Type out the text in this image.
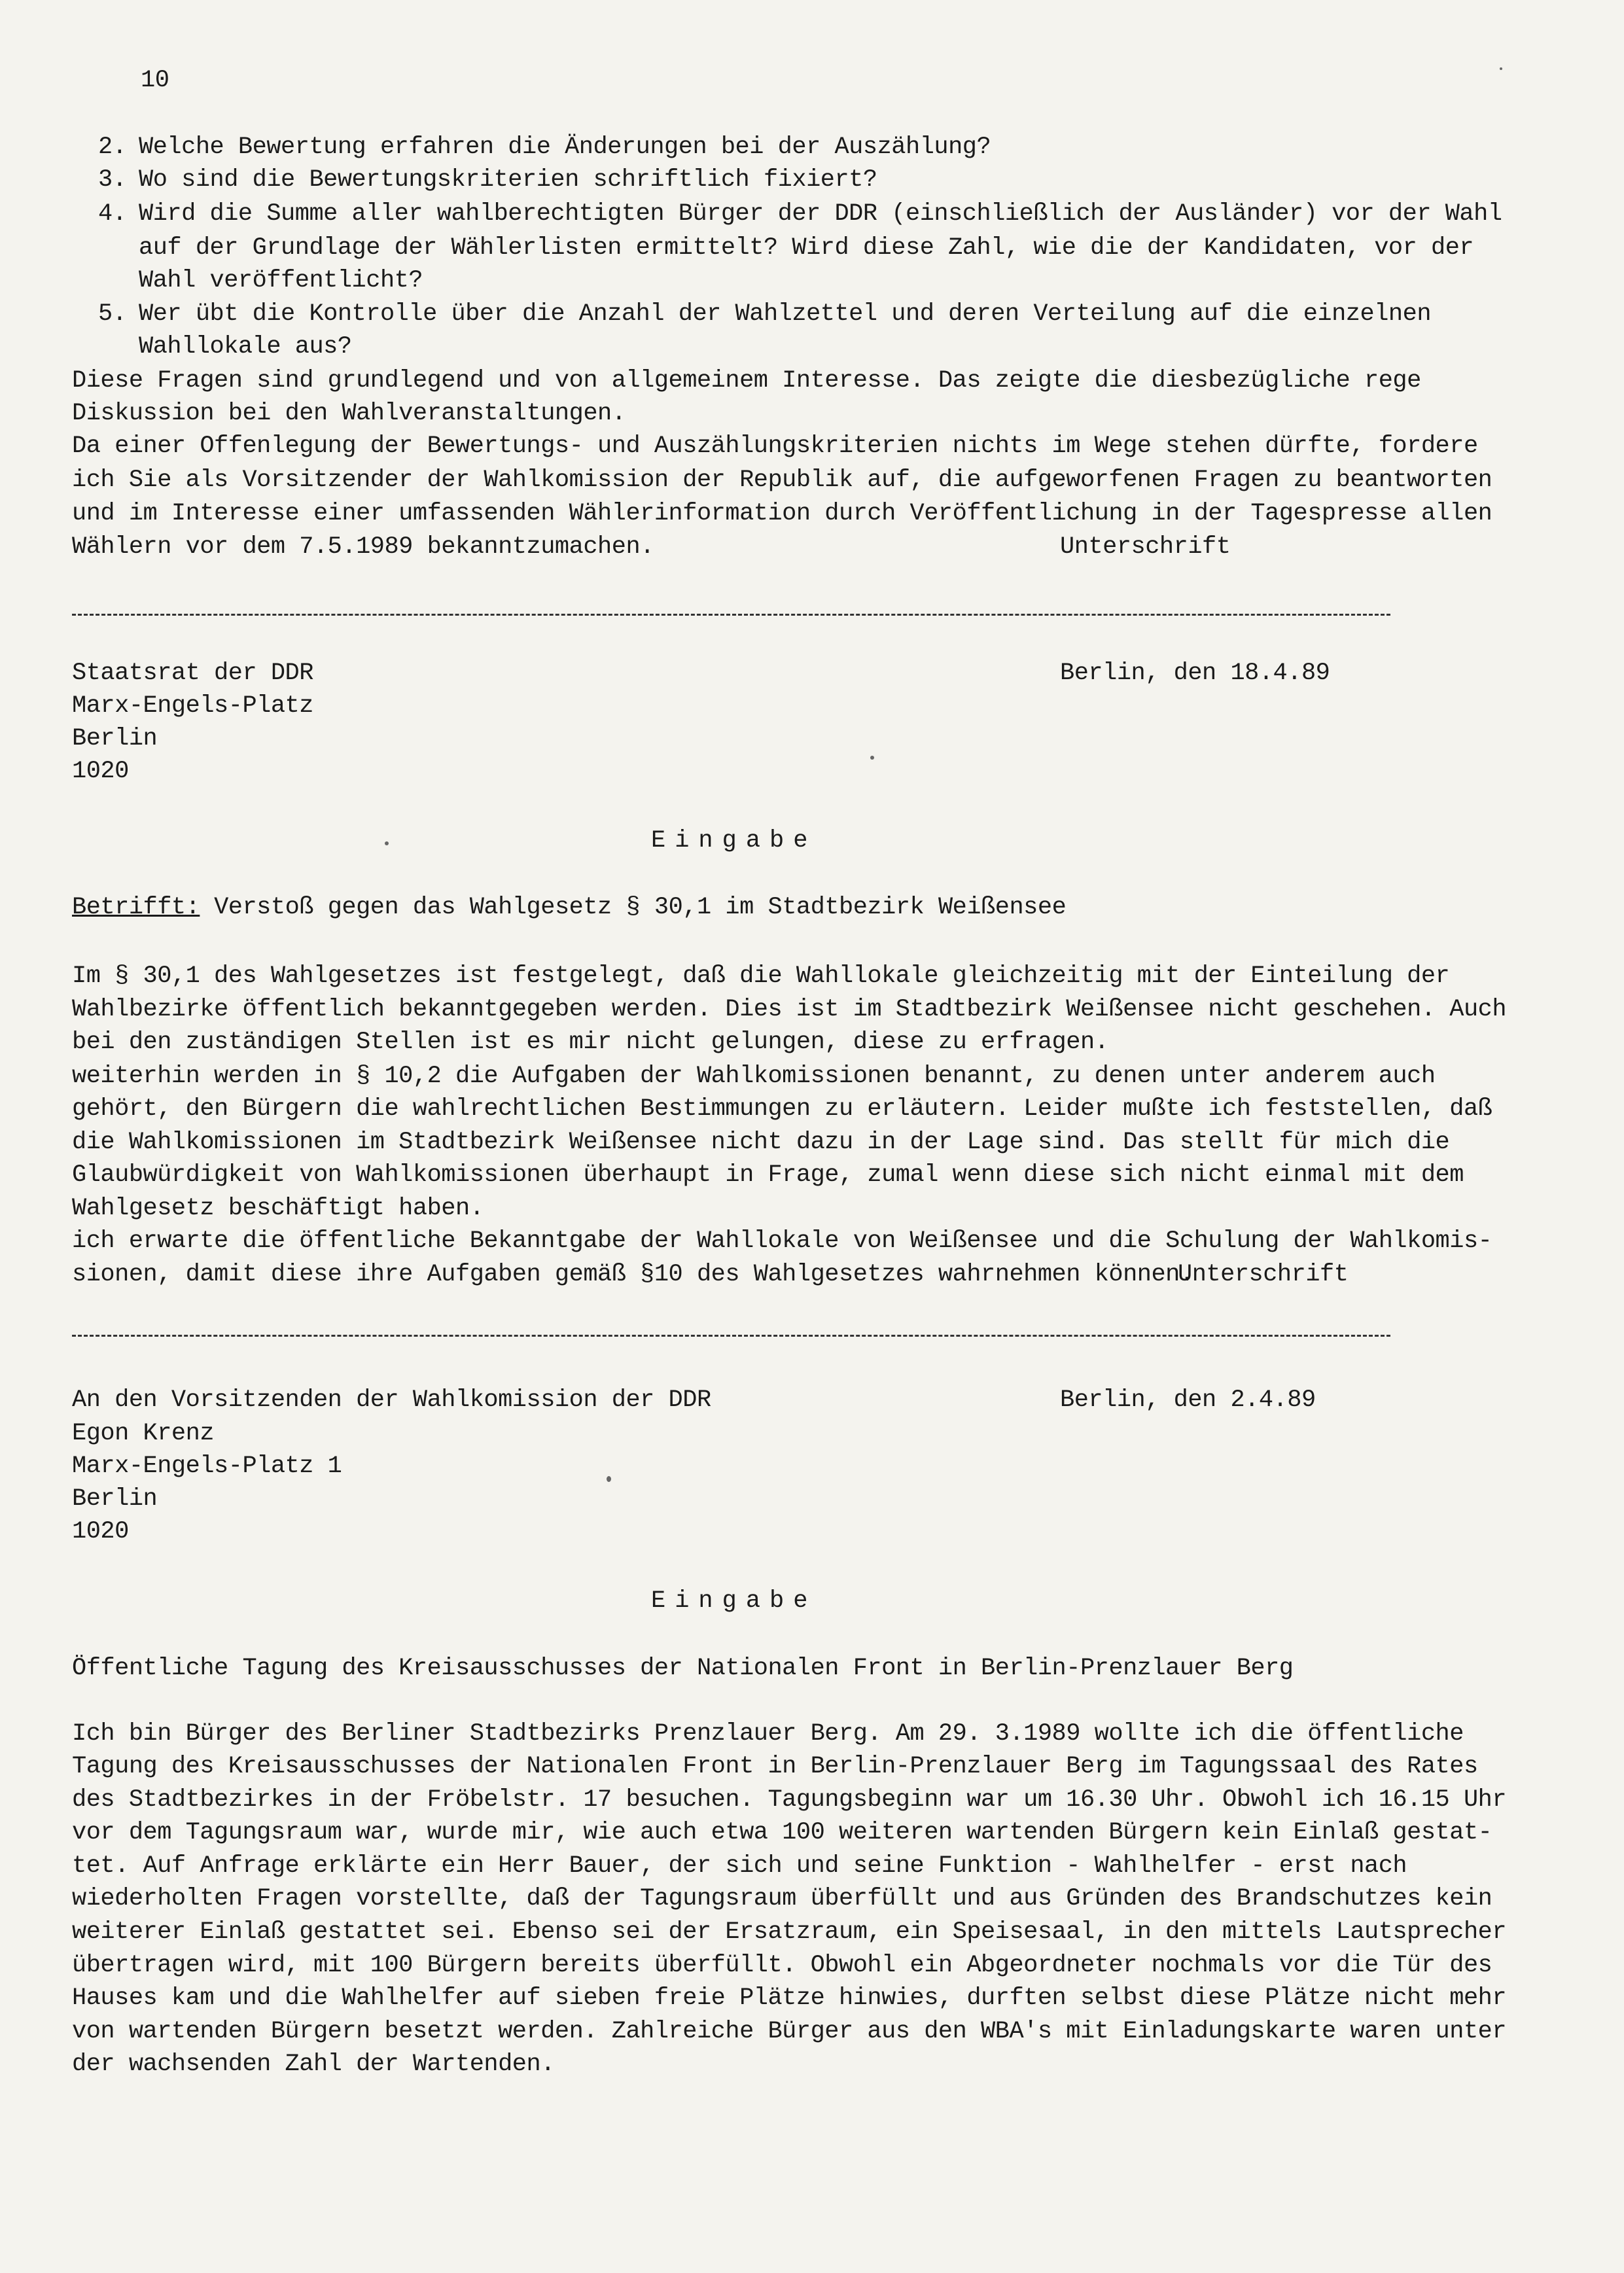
10
2. Welche Bewertung erfahren die Änderungen bei der Auszählung?
3. Wo sind die Bewertungskriterien schriftlich fixiert?
4. Wird die Summe aller wahlberechtigten Bürger der DDR (einschließlich der Ausländer) vor der Wahl
auf der Grundlage der Wählerlisten ermittelt? Wird diese Zahl, wie die der Kandidaten, vor der
Wahl veröffentlicht?
5. Wer übt die Kontrolle über die Anzahl der Wahlzettel und deren Verteilung auf die einzelnen
Wahllokale aus?
Diese Fragen sind grundlegend und von allgemeinem Interesse. Das zeigte die diesbezügliche rege
Diskussion bei den Wahlveranstaltungen.
Da einer Offenlegung der Bewertungs- und Auszählungskriterien nichts im Wege stehen dürfte, fordere
ich Sie als Vorsitzender der Wahlkomission der Republik auf, die aufgeworfenen Fragen zu beantworten
und im Interesse einer umfassenden Wählerinformation durch Veröffentlichung in der Tagespresse allen
Wählern vor dem 7.5.1989 bekanntzumachen.	Unterschrift
Staatsrat der DDR
Marx-Engels-Platz
Berlin
1020
Berlin, den 18.4.89
Eingabe
Betrifft: Verstoß gegen das Wahlgesetz § 30,1 im Stadtbezirk Weißensee
Im § 30,1 des Wahlgesetzes ist festgelegt, daß die Wahllokale gleichzeitig mit der Einteilung der
Wahlbezirke öffentlich bekanntgegeben werden. Dies ist im Stadtbezirk Weißensee nicht geschehen. Auch
bei den zuständigen Stellen ist es mir nicht gelungen, diese zu erfragen.
weiterhin werden in § 10,2 die Aufgaben der Wahlkomissionen benannt, zu denen unter anderem auch
gehört, den Bürgern die wahlrechtlichen Bestimmungen zu erläutern. Leider mußte ich feststellen, daß
die Wahlkomissionen im Stadtbezirk Weißensee nicht dazu in der Lage sind. Das stellt für mich die
Glaubwürdigkeit von Wahlkomissionen überhaupt in Frage, zumal wenn diese sich nicht einmal mit dem
Wahlgesetz beschäftigt haben.
ich erwarte die öffentliche Bekanntgabe der Wahllokale von Weißensee und die Schulung der Wahlkomis-
sionen, damit diese ihre Aufgaben gemäß §10 des Wahlgesetzes wahrnehmen können.
Unterschrift
An den Vorsitzenden der Wahlkomission der DDR
Egon Krenz
Marx-Engels-Platz 1
Berlin
1020
Berlin, den 2.4.89
Eingabe
Öffentliche Tagung des Kreisausschusses der Nationalen Front in Berlin-Prenzlauer Berg
Ich bin Bürger des Berliner Stadtbezirks Prenzlauer Berg. Am 29. 3.1989 wollte ich die öffentliche
Tagung des Kreisausschusses der Nationalen Front in Berlin-Prenzlauer Berg im Tagungssaal des Rates
des Stadtbezirkes in der Fröbelstr. 17 besuchen. Tagungsbeginn war um 16.30 Uhr. Obwohl ich 16.15 Uhr
vor dem Tagungsraum war, wurde mir, wie auch etwa 100 weiteren wartenden Bürgern kein Einlaß gestat-
tet. Auf Anfrage erklärte ein Herr Bauer, der sich und seine Funktion - Wahlhelfer - erst nach
wiederholten Fragen vorstellte, daß der Tagungsraum überfüllt und aus Gründen des Brandschutzes kein
weiterer Einlaß gestattet sei. Ebenso sei der Ersatzraum, ein Speisesaal, in den mittels Lautsprecher
übertragen wird, mit 100 Bürgern bereits überfüllt. Obwohl ein Abgeordneter nochmals vor die Tür des
Hauses kam und die Wahlhelfer auf sieben freie Plätze hinwies, durften selbst diese Plätze nicht mehr
von wartenden Bürgern besetzt werden. Zahlreiche Bürger aus den WBA's mit Einladungskarte waren unter
der wachsenden Zahl der Wartenden.
